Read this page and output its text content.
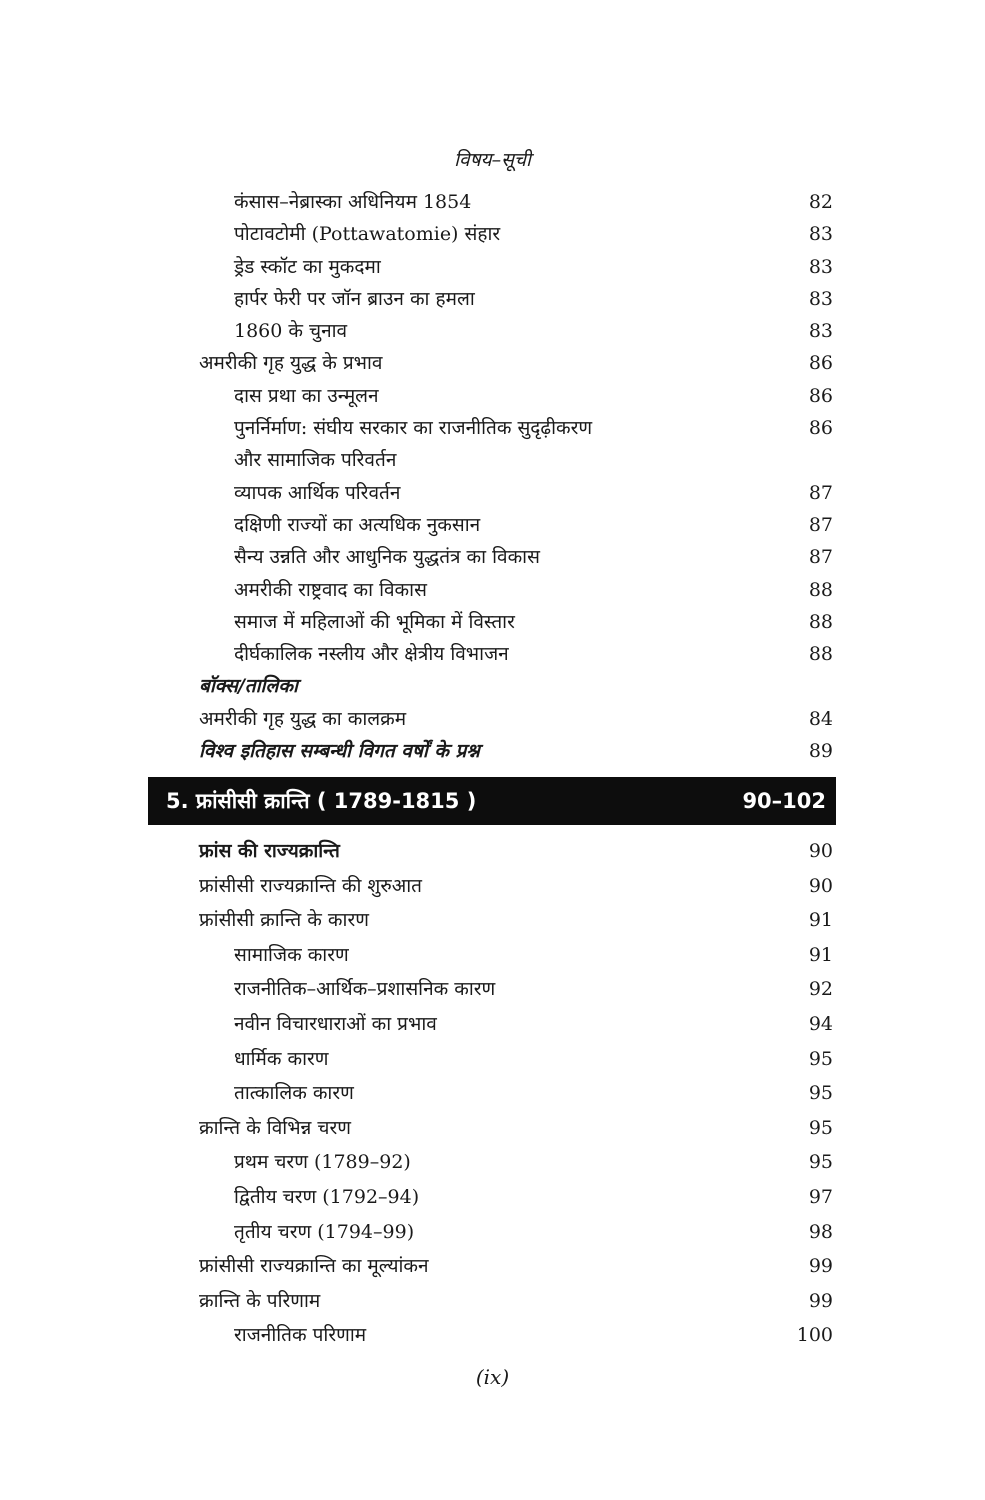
विषय–सूची
कंसास–नेब्रास्का अधिनियम 1854	82
पोटावटोमी (Pottawatomie) संहार	83
ड्रेड स्कॉट का मुकदमा	83
हार्पर फेरी पर जॉन ब्राउन का हमला	83
1860 के चुनाव	83
अमरीकी गृह युद्ध के प्रभाव	86
दास प्रथा का उन्मूलन	86
पुनर्निर्माण: संघीय सरकार का राजनीतिक सुदृढ़ीकरण	86
और सामाजिक परिवर्तन
व्यापक आर्थिक परिवर्तन	87
दक्षिणी राज्यों का अत्यधिक नुकसान	87
सैन्य उन्नति और आधुनिक युद्धतंत्र का विकास	87
अमरीकी राष्ट्रवाद का विकास	88
समाज में महिलाओं की भूमिका में विस्तार	88
दीर्घकालिक नस्लीय और क्षेत्रीय विभाजन	88
बॉक्स/तालिका
अमरीकी गृह युद्ध का कालक्रम	84
विश्व इतिहास सम्बन्धी विगत वर्षों के प्रश्न	89
5. फ्रांसीसी क्रान्ति ( 1789-1815 )	90–102
फ्रांस की राज्यक्रान्ति	90
फ्रांसीसी राज्यक्रान्ति की शुरुआत	90
फ्रांसीसी क्रान्ति के कारण	91
सामाजिक कारण	91
राजनीतिक–आर्थिक–प्रशासनिक कारण	92
नवीन विचारधाराओं का प्रभाव	94
धार्मिक कारण	95
तात्कालिक कारण	95
क्रान्ति के विभिन्न चरण	95
प्रथम चरण (1789–92)	95
द्वितीय चरण (1792–94)	97
तृतीय चरण (1794–99)	98
फ्रांसीसी राज्यक्रान्ति का मूल्यांकन	99
क्रान्ति के परिणाम	99
राजनीतिक परिणाम	100
(ix)
